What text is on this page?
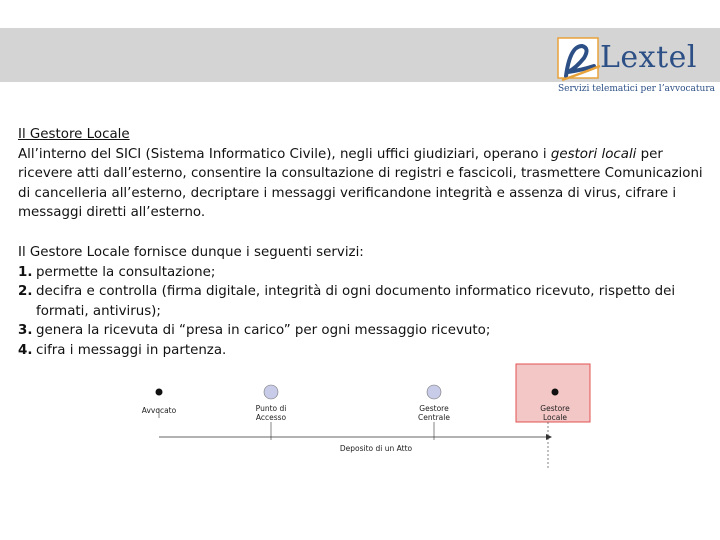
Lextel
Servizi telematici per l’avvocatura

Il Gestore Locale

All’interno del SICI (Sistema Informatico Civile), negli uffici giudiziari, operano i gestori locali per ricevere atti dall’esterno, consentire la consultazione di registri e fascicoli, trasmettere Comunicazioni di cancelleria all’esterno, decriptare i messaggi verificandone integrità e assenza di virus, cifrare i messaggi diretti all’esterno.

Il Gestore Locale fornisce dunque i seguenti servizi:

1. permette la consultazione;
2. decifra e controlla (firma digitale, integrità di ogni documento informatico ricevuto, rispetto dei formati, antivirus);
3. genera la ricevuta di “presa in carico” per ogni messaggio ricevuto;
4. cifra i messaggi in partenza.
Avvocato	Punto di
Accesso
Gestore
Centrale
Gestore
Locale
Deposito di un Atto
